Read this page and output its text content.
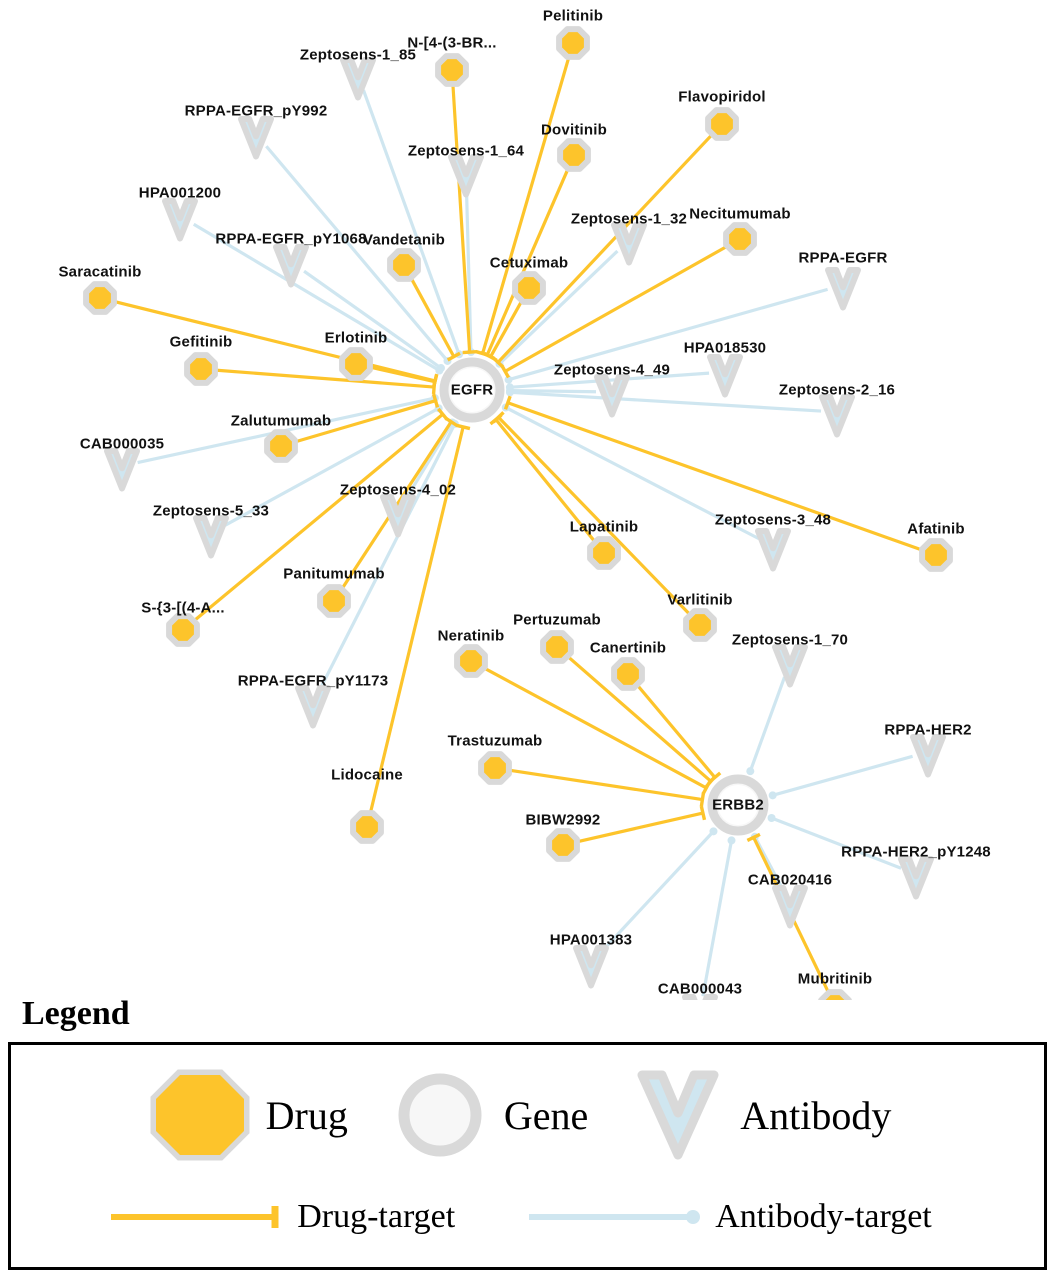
Zeptosens-1_85
RPPA-EGFR_pY992
Zeptosens-1_64
HPA001200
Zeptosens-1_32
RPPA-EGFR_pY1068
RPPA-EGFR
HPA018530
Zeptosens-4_49
Zeptosens-2_16
CAB000035
Zeptosens-5_33
Zeptosens-4_02
Zeptosens-3_48
Zeptosens-1_70
RPPA-EGFR_pY1173
RPPA-HER2
RPPA-HER2_pY1248
CAB020416
HPA001383
CAB000043
Pelitinib
N-[4-(3-BR...
Flavopiridol
Dovitinib
Necitumumab
Vandetanib
Cetuximab
Saracatinib
Gefitinib	Erlotinib
Zalutumumab
Afatinib
Lapatinib
Varlitinib
Panitumumab
S-{3-[(4-A...
Pertuzumab
Neratinib
Canertinib
Trastuzumab
Lidocaine
BIBW2992
Mubritinib
EGFR
ERBB2
Legend
Drug	Gene	Antibody
Drug-target	Antibody-target
